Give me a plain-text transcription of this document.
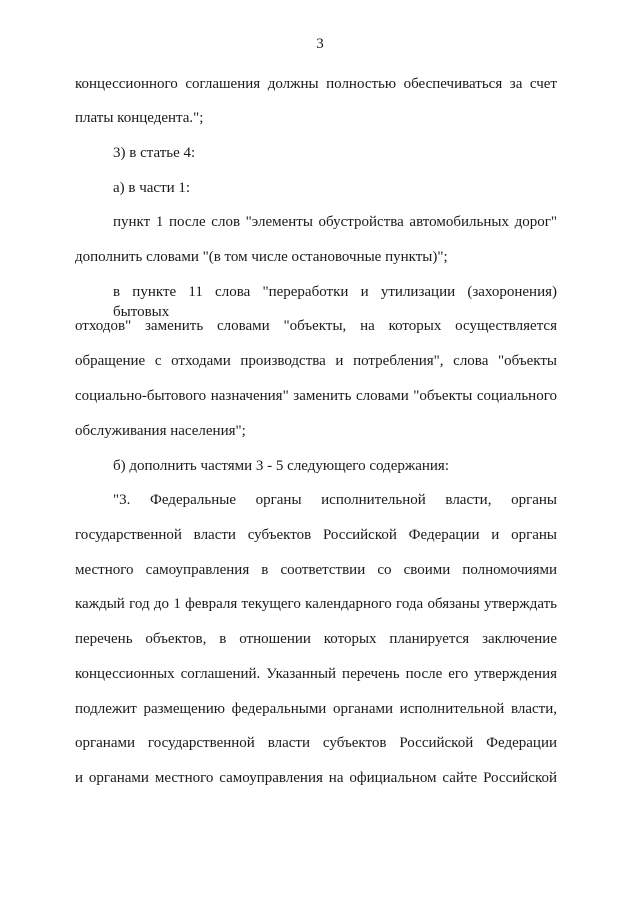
3
концессионного соглашения должны полностью обеспечиваться за счет
платы концедента.";
3) в статье 4:
а) в части 1:
пункт 1 после слов "элементы обустройства автомобильных дорог"
дополнить словами "(в том числе остановочные пункты)";
в пункте 11 слова "переработки и утилизации (захоронения) бытовых
отходов" заменить словами "объекты, на которых осуществляется
обращение с отходами производства и потребления", слова "объекты
социально-бытового назначения" заменить словами "объекты социального
обслуживания населения";
б) дополнить частями 3 - 5 следующего содержания:
"3. Федеральные органы исполнительной власти, органы
государственной власти субъектов Российской Федерации и органы
местного самоуправления в соответствии со своими полномочиями
каждый год до 1 февраля текущего календарного года обязаны утверждать
перечень объектов, в отношении которых планируется заключение
концессионных соглашений. Указанный перечень после его утверждения
подлежит размещению федеральными органами исполнительной власти,
органами государственной власти субъектов Российской Федерации
и органами местного самоуправления на официальном сайте Российской
